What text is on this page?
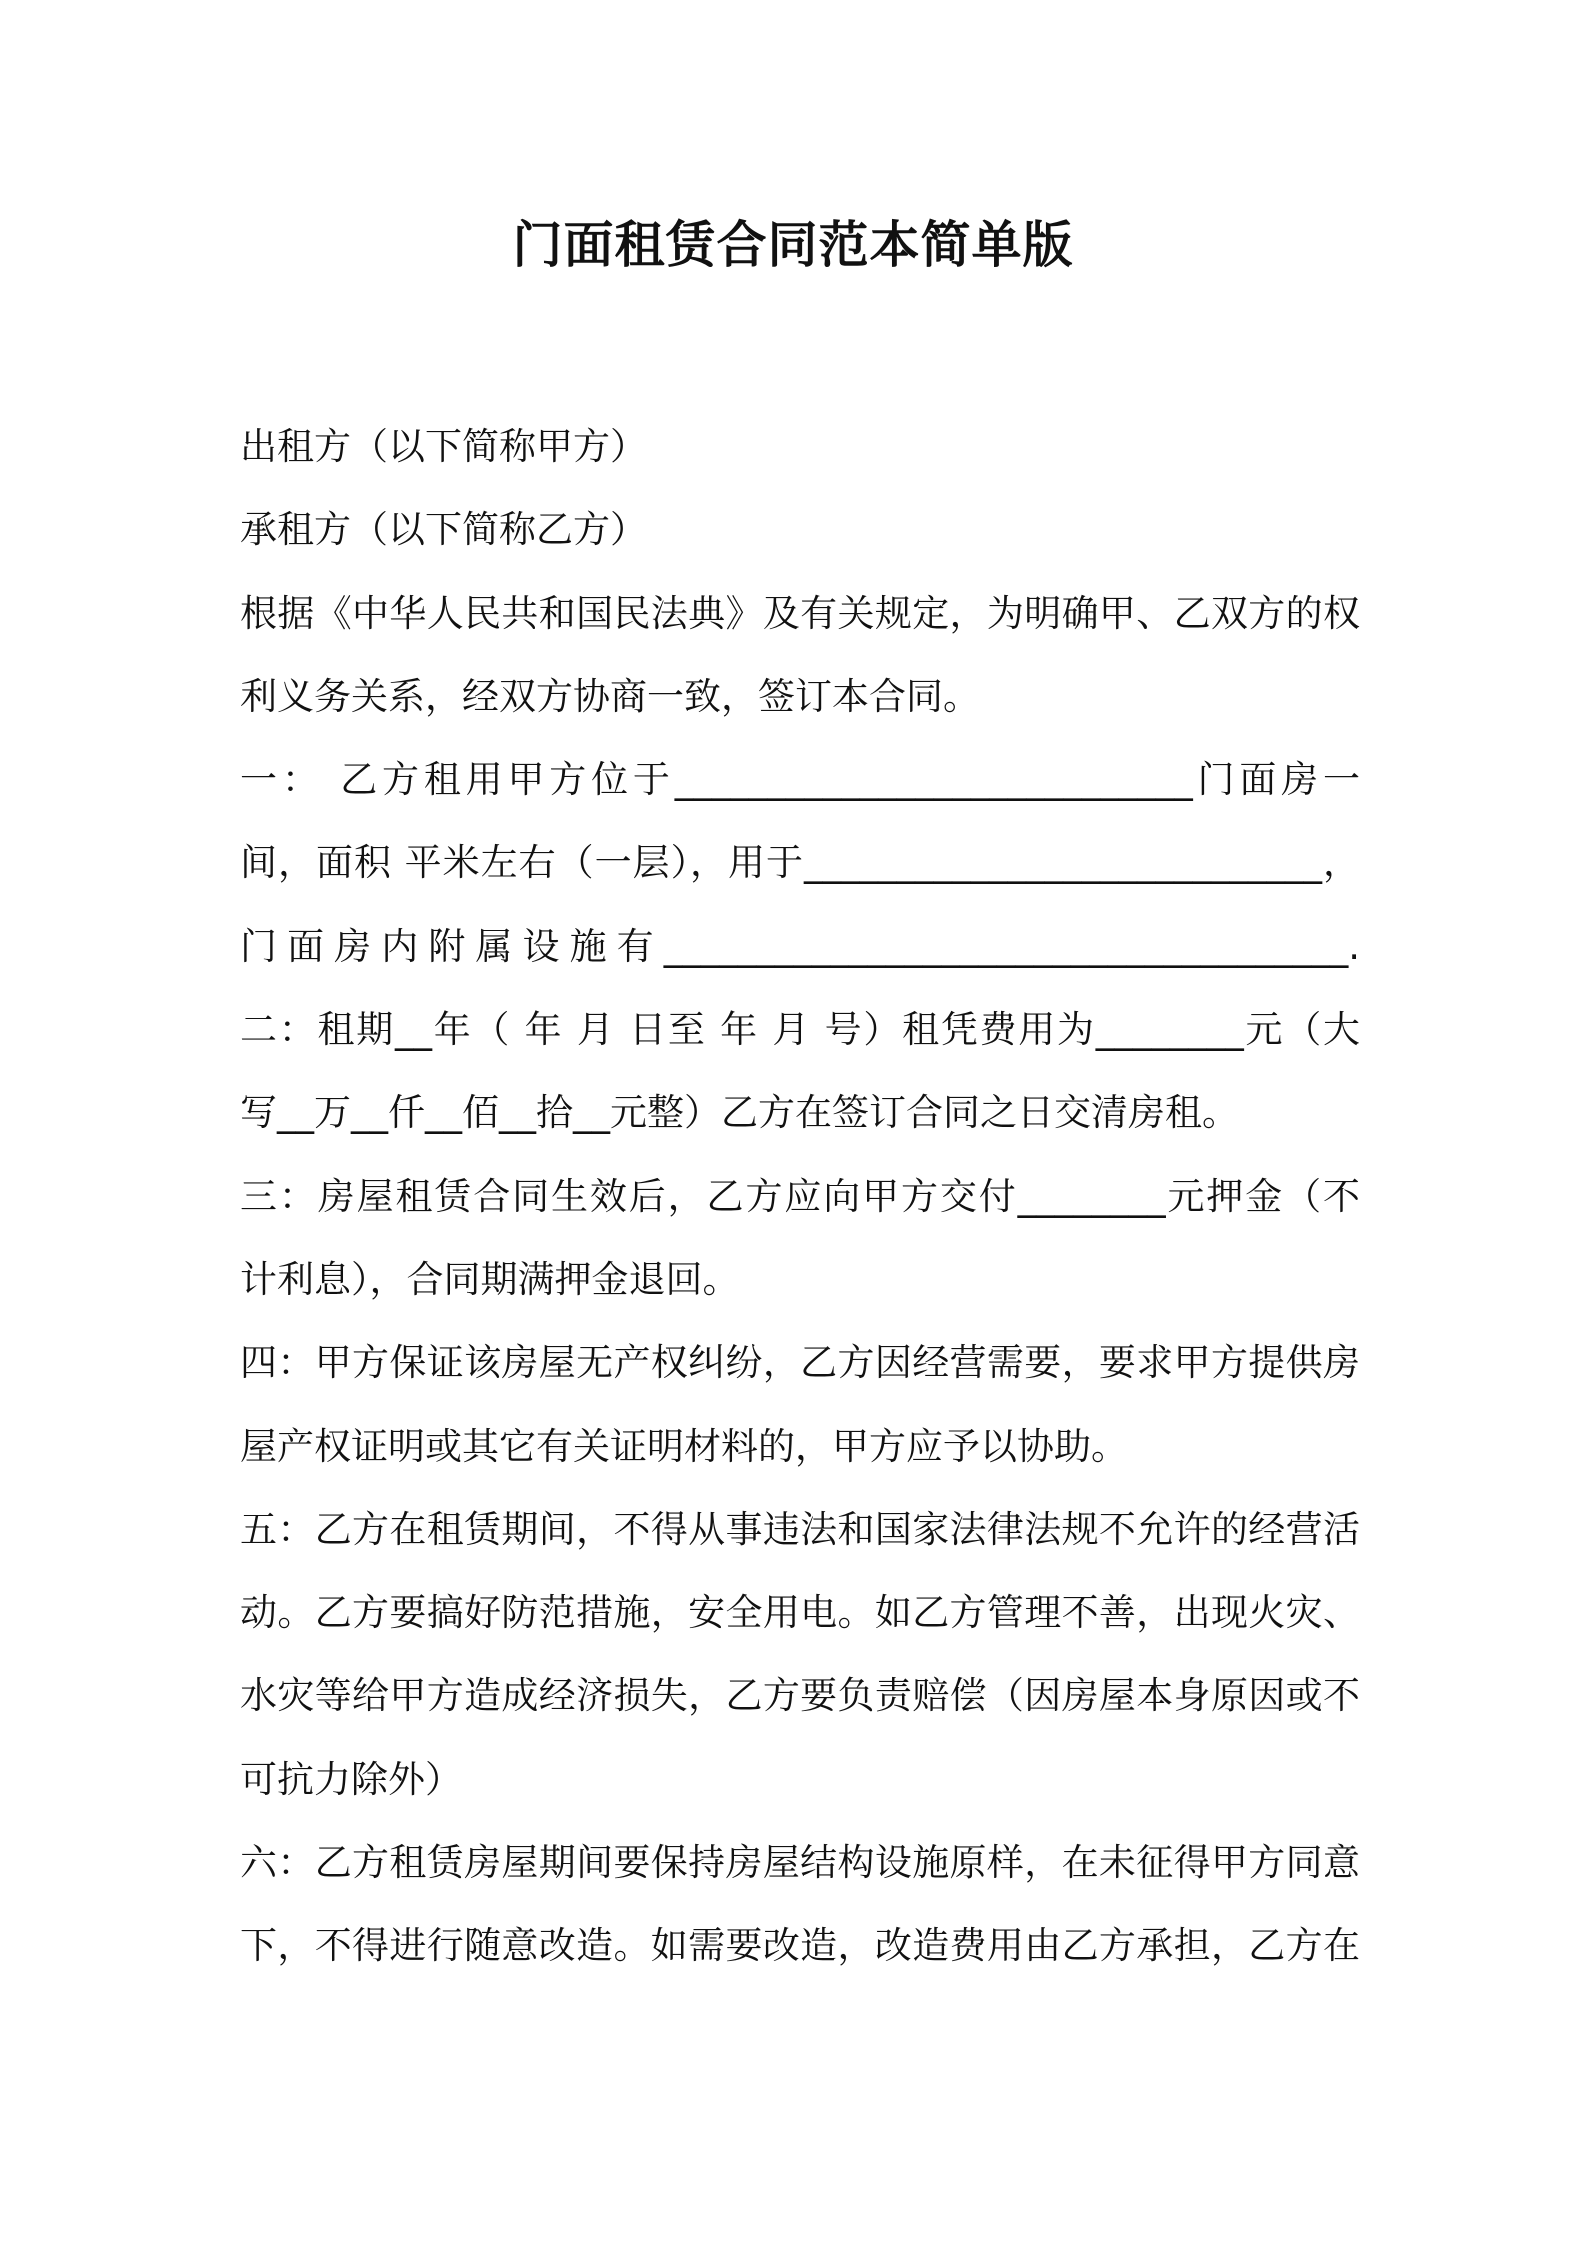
门面租赁合同范本简单版
出租方（以下简称甲方）
承租方（以下简称乙方）
根据《中华人民共和国民法典》及有关规定，为明确甲、乙双方的权
利义务关系，经双方协商一致，签订本合同。
一： 乙方租用甲方位于____________________________门面房一
间，面积 平米左右（一层），用于____________________________，
门面房内附属设施有_____________________________________.
二：租期__年（ 年 月 日至 年 月 号）租凭费用为________元（大
写__万__仟__佰__拾__元整）乙方在签订合同之日交清房租。
三：房屋租赁合同生效后，乙方应向甲方交付________元押金（不
计利息），合同期满押金退回。
四：甲方保证该房屋无产权纠纷，乙方因经营需要，要求甲方提供房
屋产权证明或其它有关证明材料的，甲方应予以协助。
五：乙方在租赁期间，不得从事违法和国家法律法规不允许的经营活
动。乙方要搞好防范措施，安全用电。如乙方管理不善，出现火灾、
水灾等给甲方造成经济损失，乙方要负责赔偿（因房屋本身原因或不
可抗力除外）
六：乙方租赁房屋期间要保持房屋结构设施原样，在未征得甲方同意
下，不得进行随意改造。如需要改造，改造费用由乙方承担，乙方在
